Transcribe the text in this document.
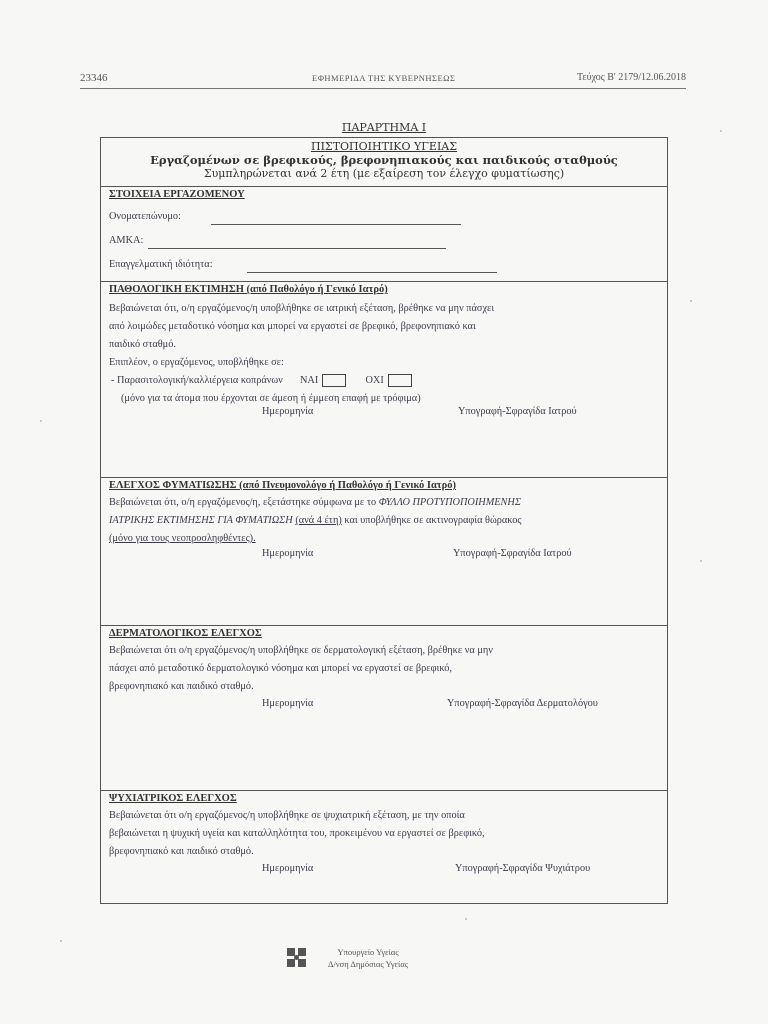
23346	ΕΦΗΜΕΡΙΔΑ ΤΗΣ ΚΥΒΕΡΝΗΣΕΩΣ	Τεύχος Β' 2179/12.06.2018
ΠΑΡΑΡΤΗΜΑ Ι
ΠΙΣΤΟΠΟΙΗΤΙΚΟ ΥΓΕΙΑΣ
Εργαζομένων σε βρεφικούς, βρεφονηπιακούς και παιδικούς σταθμούς
Συμπληρώνεται ανά 2 έτη (με εξαίρεση τον έλεγχο φυματίωσης)
ΣΤΟΙΧΕΙΑ ΕΡΓΑΖΟΜΕΝΟΥ
Ονοματεπώνυμο:
ΑΜΚΑ:
Επαγγελματική ιδιότητα:
ΠΑΘΟΛΟΓΙΚΗ ΕΚΤΙΜΗΣΗ (από Παθολόγο ή Γενικό Ιατρό)
Βεβαιώνεται ότι, ο/η εργαζόμενος/η υποβλήθηκε σε ιατρική εξέταση, βρέθηκε να μην πάσχει
από λοιμώδες μεταδοτικό νόσημα και μπορεί να εργαστεί σε βρεφικό, βρεφονηπιακό και
παιδικό σταθμό.
Επιπλέον, ο εργαζόμενος, υποβλήθηκε σε:
- Παρασιτολογική/καλλιέργεια κοπράνων ΝΑΙ	ΟΧΙ
(μόνο για τα άτομα που έρχονται σε άμεση ή έμμεση επαφή με τρόφιμα)
Ημερομηνία	Υπογραφή-Σφραγίδα Ιατρού
ΕΛΕΓΧΟΣ ΦΥΜΑΤΙΩΣΗΣ (από Πνευμονολόγο ή Παθολόγο ή Γενικό Ιατρό)
Βεβαιώνεται ότι, ο/η εργαζόμενος/η, εξετάστηκε σύμφωνα με το ΦΥΛΛΟ ΠΡΟΤΥΠΟΠΟΙΗΜΕΝΗΣ
ΙΑΤΡΙΚΗΣ ΕΚΤΙΜΗΣΗΣ ΓΙΑ ΦΥΜΑΤΙΩΣΗ (ανά 4 έτη) και υποβλήθηκε σε ακτινογραφία θώρακος
(μόνο για τους νεοπροσληφθέντες).
Ημερομηνία	Υπογραφή-Σφραγίδα Ιατρού
ΔΕΡΜΑΤΟΛΟΓΙΚΟΣ ΕΛΕΓΧΟΣ
Βεβαιώνεται ότι ο/η εργαζόμενος/η υποβλήθηκε σε δερματολογική εξέταση, βρέθηκε να μην
πάσχει από μεταδοτικό δερματολογικό νόσημα και μπορεί να εργαστεί σε βρεφικό,
βρεφονηπιακό και παιδικό σταθμό.
Ημερομηνία	Υπογραφή-Σφραγίδα Δερματολόγου
ΨΥΧΙΑΤΡΙΚΟΣ ΕΛΕΓΧΟΣ
Βεβαιώνεται ότι ο/η εργαζόμενος/η υποβλήθηκε σε ψυχιατρική εξέταση, με την οποία
βεβαιώνεται η ψυχική υγεία και καταλληλότητα του, προκειμένου να εργαστεί σε βρεφικό,
βρεφονηπιακό και παιδικό σταθμό.
Ημερομηνία	Υπογραφή-Σφραγίδα Ψυχιάτρου
Υπουργείο Υγείας
Δ/νση Δημόσιας Υγείας
